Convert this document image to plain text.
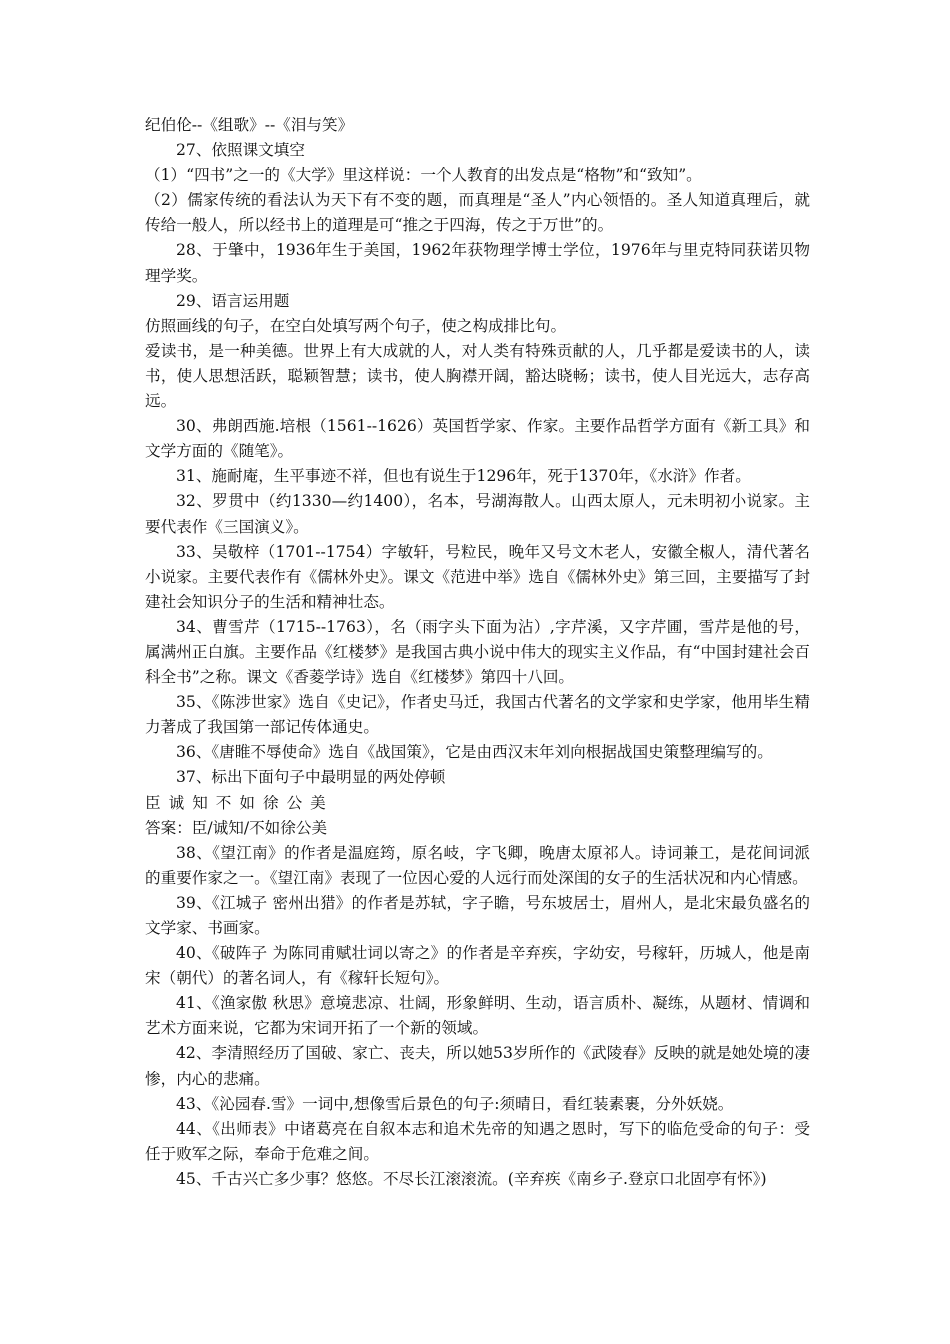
纪伯伦--《组歌》--《泪与笑》

27、依照课文填空

（1）“四书”之一的《大学》里这样说：一个人教育的出发点是“格物”和“致知”。

（2）儒家传统的看法认为天下有不变的题，而真理是“圣人”内心领悟的。圣人知道真理后，就传给一般人，所以经书上的道理是可“推之于四海，传之于万世”的。

28、于肇中，1936年生于美国，1962年获物理学博士学位，1976年与里克特同获诺贝物理学奖。

29、语言运用题

仿照画线的句子，在空白处填写两个句子，使之构成排比句。

爱读书，是一种美德。世界上有大成就的人，对人类有特殊贡献的人，几乎都是爱读书的人，读书，使人思想活跃，聪颖智慧；读书，使人胸襟开阔，豁达晓畅；读书，使人目光远大，志存高远。

30、弗朗西施.培根（1561--1626）英国哲学家、作家。主要作品哲学方面有《新工具》和文学方面的《随笔》。

31、施耐庵，生平事迹不祥，但也有说生于1296年，死于1370年，《水浒》作者。

32、罗贯中（约1330—约1400），名本，号湖海散人。山西太原人，元未明初小说家。主要代表作《三国演义》。

33、吴敬梓（1701--1754）字敏轩，号粒民，晚年又号文木老人，安徽全椒人，清代著名小说家。主要代表作有《儒林外史》。课文《范进中举》选自《儒林外史》第三回，主要描写了封建社会知识分子的生活和精神壮态。

34、曹雪芹（1715--1763），名（雨字头下面为沾）,字芹溪，又字芹圃，雪芹是他的号，属满州正白旗。主要作品《红楼梦》是我国古典小说中伟大的现实主义作品，有“中国封建社会百科全书”之称。课文《香菱学诗》选自《红楼梦》第四十八回。

35、《陈涉世家》选自《史记》，作者史马迁，我国古代著名的文学家和史学家，他用毕生精力著成了我国第一部记传体通史。

36、《唐睢不辱使命》选自《战国策》，它是由西汉末年刘向根据战国史策整理编写的。

37、标出下面句子中最明显的两处停顿

臣诚知不如徐公美

答案：臣/诚知/不如徐公美

38、《望江南》的作者是温庭筠，原名岐，字飞卿，晚唐太原祁人。诗词兼工，是花间词派的重要作家之一。《望江南》表现了一位因心爱的人远行而处深闺的女子的生活状况和内心情感。

39、《江城子 密州出猎》的作者是苏轼，字子瞻，号东坡居士，眉州人，是北宋最负盛名的文学家、书画家。

40、《破阵子 为陈同甫赋壮词以寄之》的作者是辛弃疾，字幼安，号稼轩，历城人，他是南宋（朝代）的著名词人，有《稼轩长短句》。

41、《渔家傲 秋思》意境悲凉、壮阔，形象鲜明、生动，语言质朴、凝练，从题材、情调和艺术方面来说，它都为宋词开拓了一个新的领域。

42、李清照经历了国破、家亡、丧夫，所以她53岁所作的《武陵春》反映的就是她处境的凄惨，内心的悲痛。

43、《沁园春.雪》一词中,想像雪后景色的句子:须晴日，看红装素裹，分外妖娆。

44、《出师表》中诸葛亮在自叙本志和追术先帝的知遇之恩时，写下的临危受命的句子：受任于败军之际，奉命于危难之间。

45、千古兴亡多少事？悠悠。不尽长江滚滚流。(辛弃疾《南乡子.登京口北固亭有怀》)
